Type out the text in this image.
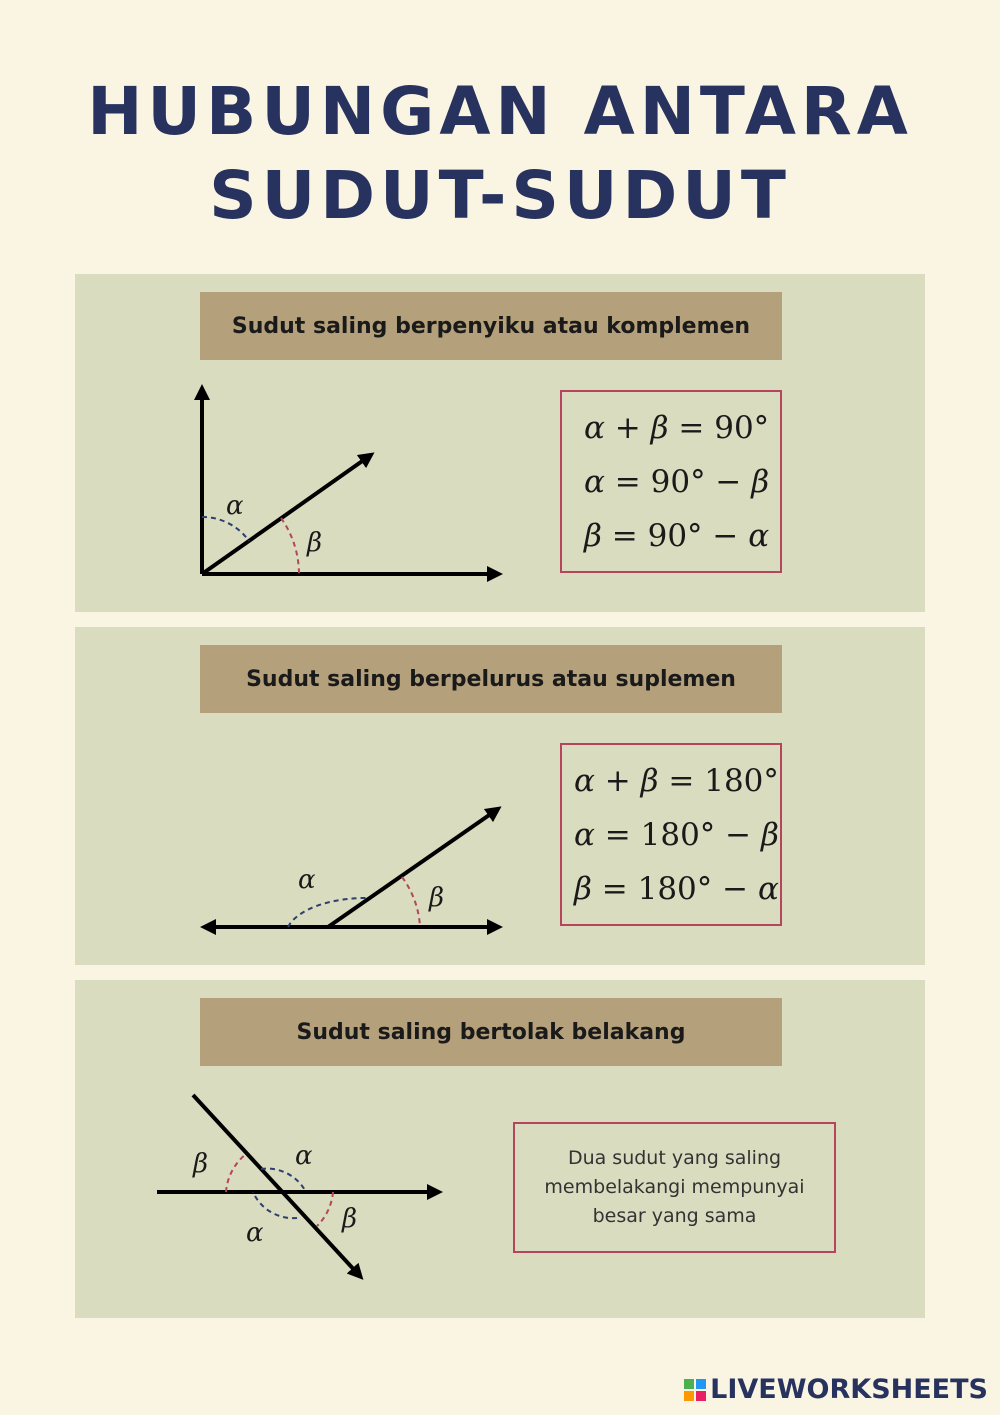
HUBUNGAN ANTARA
SUDUT-SUDUT
Sudut saling berpenyiku atau komplemen
α
β
α + β = 90°
α = 90° − β
β = 90° − α
Sudut saling berpelurus atau suplemen
α
β
α + β = 180°
α = 180° − β
β = 180° − α
Sudut saling bertolak belakang
α
α
β
β
Dua sudut yang saling membelakangi mempunyai besar yang sama
LIVEWORKSHEETS
